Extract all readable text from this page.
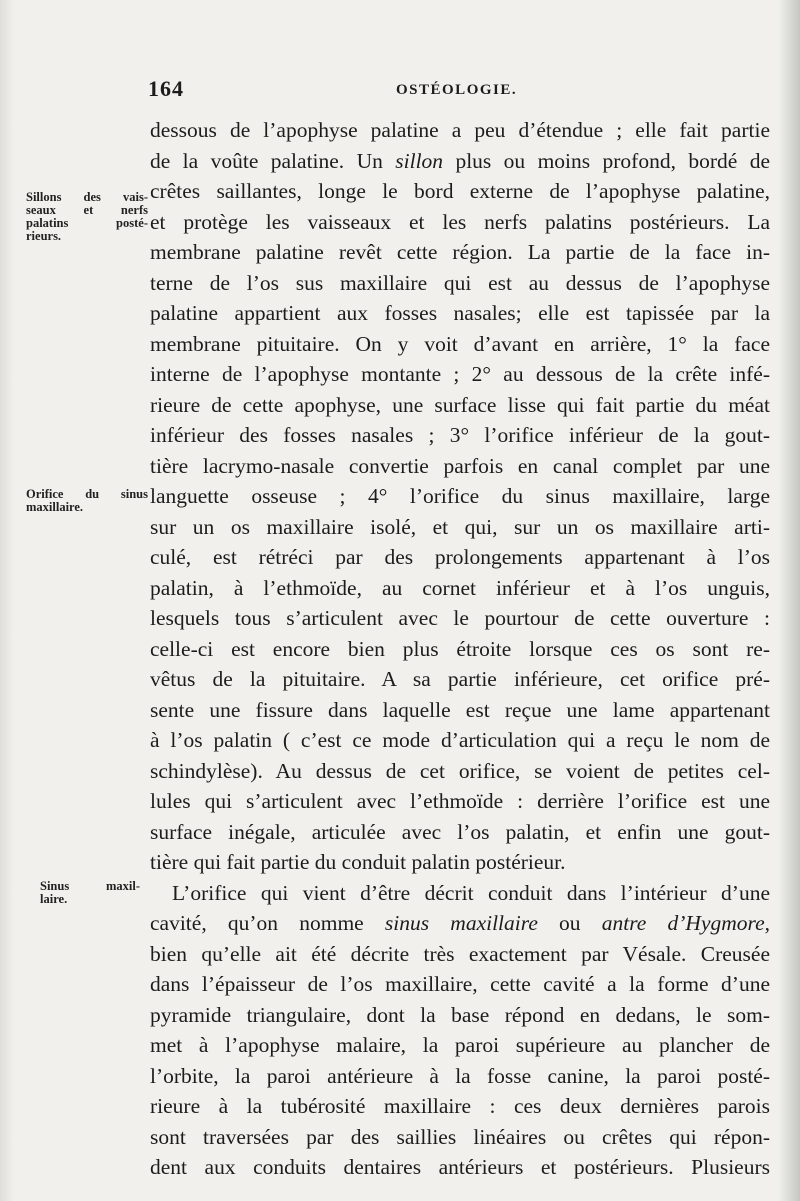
164	OSTÉOLOGIE.
Sillons des vais-
seaux et nerfs
palatins posté-
rieurs.
Orifice du sinus
maxillaire.
Sinus maxil-
laire.
dessous de l’apophyse palatine a peu d’étendue ; elle fait partie
de la voûte palatine. Un sillon plus ou moins profond, bordé de
crêtes saillantes, longe le bord externe de l’apophyse palatine,
et protège les vaisseaux et les nerfs palatins postérieurs. La
membrane palatine revêt cette région. La partie de la face in-
terne de l’os sus maxillaire qui est au dessus de l’apophyse
palatine appartient aux fosses nasales; elle est tapissée par la
membrane pituitaire. On y voit d’avant en arrière, 1° la face
interne de l’apophyse montante ; 2° au dessous de la crête infé-
rieure de cette apophyse, une surface lisse qui fait partie du méat
inférieur des fosses nasales ; 3° l’orifice inférieur de la gout-
tière lacrymo-nasale convertie parfois en canal complet par une
languette osseuse ; 4° l’orifice du sinus maxillaire, large
sur un os maxillaire isolé, et qui, sur un os maxillaire arti-
culé, est rétréci par des prolongements appartenant à l’os
palatin, à l’ethmoïde, au cornet inférieur et à l’os unguis,
lesquels tous s’articulent avec le pourtour de cette ouverture :
celle-ci est encore bien plus étroite lorsque ces os sont re-
vêtus de la pituitaire. A sa partie inférieure, cet orifice pré-
sente une fissure dans laquelle est reçue une lame appartenant
à l’os palatin ( c’est ce mode d’articulation qui a reçu le nom de
schindylèse). Au dessus de cet orifice, se voient de petites cel-
lules qui s’articulent avec l’ethmoïde : derrière l’orifice est une
surface inégale, articulée avec l’os palatin, et enfin une gout-
tière qui fait partie du conduit palatin postérieur.
L’orifice qui vient d’être décrit conduit dans l’intérieur d’une
cavité, qu’on nomme sinus maxillaire ou antre d’Hygmore,
bien qu’elle ait été décrite très exactement par Vésale. Creusée
dans l’épaisseur de l’os maxillaire, cette cavité a la forme d’une
pyramide triangulaire, dont la base répond en dedans, le som-
met à l’apophyse malaire, la paroi supérieure au plancher de
l’orbite, la paroi antérieure à la fosse canine, la paroi posté-
rieure à la tubérosité maxillaire : ces deux dernières parois
sont traversées par des saillies linéaires ou crêtes qui répon-
dent aux conduits dentaires antérieurs et postérieurs. Plusieurs
